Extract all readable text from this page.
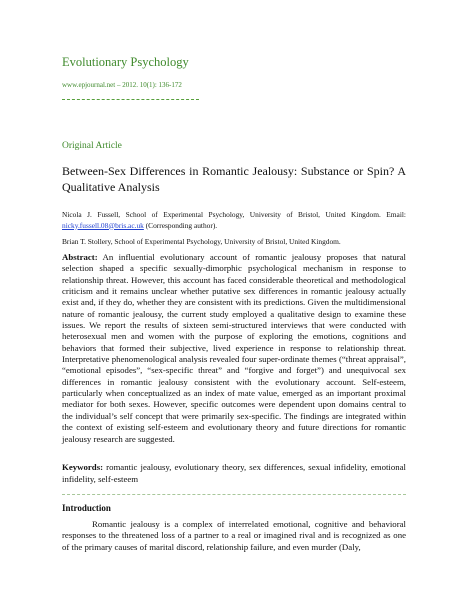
Evolutionary Psychology
www.epjournal.net – 2012. 10(1): 136-172
Original Article
Between-Sex Differences in Romantic Jealousy: Substance or Spin? A Qualitative Analysis
Nicola J. Fussell, School of Experimental Psychology, University of Bristol, United Kingdom. Email: nicky.fussell.08@bris.ac.uk (Corresponding author).
Brian T. Stollery, School of Experimental Psychology, University of Bristol, United Kingdom.
Abstract: An influential evolutionary account of romantic jealousy proposes that natural selection shaped a specific sexually-dimorphic psychological mechanism in response to relationship threat. However, this account has faced considerable theoretical and methodological criticism and it remains unclear whether putative sex differences in romantic jealousy actually exist and, if they do, whether they are consistent with its predictions. Given the multidimensional nature of romantic jealousy, the current study employed a qualitative design to examine these issues. We report the results of sixteen semi-structured interviews that were conducted with heterosexual men and women with the purpose of exploring the emotions, cognitions and behaviors that formed their subjective, lived experience in response to relationship threat. Interpretative phenomenological analysis revealed four super-ordinate themes (“threat appraisal”, “emotional episodes”, “sex-specific threat” and “forgive and forget”) and unequivocal sex differences in romantic jealousy consistent with the evolutionary account. Self-esteem, particularly when conceptualized as an index of mate value, emerged as an important proximal mediator for both sexes. However, specific outcomes were dependent upon domains central to the individual’s self concept that were primarily sex-specific. The findings are integrated within the context of existing self-esteem and evolutionary theory and future directions for romantic jealousy research are suggested.
Keywords: romantic jealousy, evolutionary theory, sex differences, sexual infidelity, emotional infidelity, self-esteem
Introduction
Romantic jealousy is a complex of interrelated emotional, cognitive and behavioral responses to the threatened loss of a partner to a real or imagined rival and is recognized as one of the primary causes of marital discord, relationship failure, and even murder (Daly,
